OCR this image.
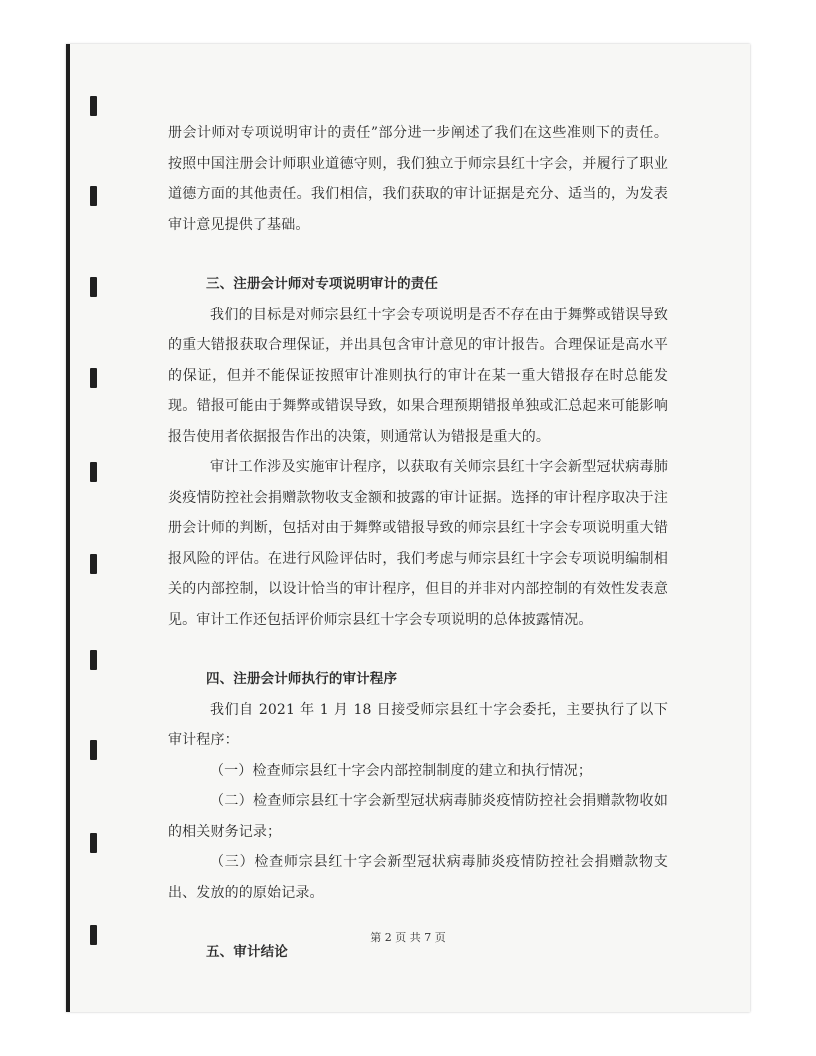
册会计师对专项说明审计的责任”部分进一步阐述了我们在这些准则下的责任。按照中国注册会计师职业道德守则，我们独立于师宗县红十字会，并履行了职业道德方面的其他责任。我们相信，我们获取的审计证据是充分、适当的，为发表审计意见提供了基础。

三、注册会计师对专项说明审计的责任

我们的目标是对师宗县红十字会专项说明是否不存在由于舞弊或错误导致的重大错报获取合理保证，并出具包含审计意见的审计报告。合理保证是高水平的保证，但并不能保证按照审计准则执行的审计在某一重大错报存在时总能发现。错报可能由于舞弊或错误导致，如果合理预期错报单独或汇总起来可能影响报告使用者依据报告作出的决策，则通常认为错报是重大的。

审计工作涉及实施审计程序，以获取有关师宗县红十字会新型冠状病毒肺炎疫情防控社会捐赠款物收支金额和披露的审计证据。选择的审计程序取决于注册会计师的判断，包括对由于舞弊或错报导致的师宗县红十字会专项说明重大错报风险的评估。在进行风险评估时，我们考虑与师宗县红十字会专项说明编制相关的内部控制，以设计恰当的审计程序，但目的并非对内部控制的有效性发表意见。审计工作还包括评价师宗县红十字会专项说明的总体披露情况。

四、注册会计师执行的审计程序

我们自 2021 年 1 月 18 日接受师宗县红十字会委托，主要执行了以下审计程序：

（一）检查师宗县红十字会内部控制制度的建立和执行情况；

（二）检查师宗县红十字会新型冠状病毒肺炎疫情防控社会捐赠款物收如的相关财务记录；

（三）检查师宗县红十字会新型冠状病毒肺炎疫情防控社会捐赠款物支出、发放的的原始记录。

五、审计结论

第 2 页 共 7 页
